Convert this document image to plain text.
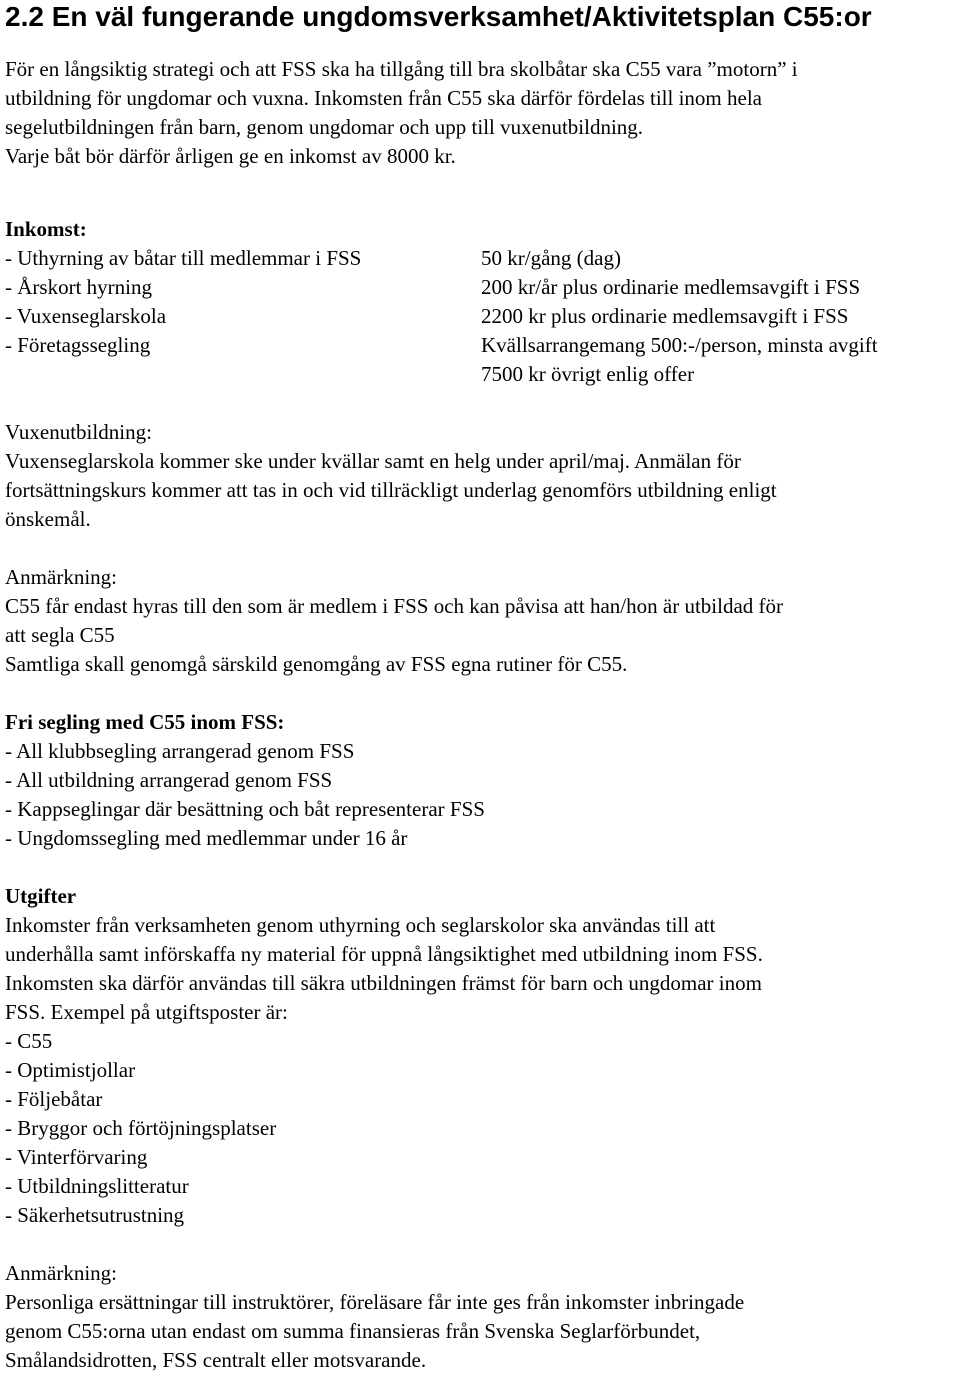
2.2 En väl fungerande ungdomsverksamhet/Aktivitetsplan C55:or
För en långsiktig strategi och att FSS ska ha tillgång till bra skolbåtar ska C55 vara ”motorn” i
utbildning för ungdomar och vuxna. Inkomsten från C55 ska därför fördelas till inom hela
segelutbildningen från barn, genom ungdomar och upp till vuxenutbildning.
Varje båt bör därför årligen ge en inkomst av 8000 kr.
Inkomst:
- Uthyrning av båtar till medlemmar i FSS	50 kr/gång (dag)
- Årskort hyrning	200 kr/år plus ordinarie medlemsavgift i FSS
- Vuxenseglarskola	2200 kr plus ordinarie medlemsavgift i FSS
- Företagssegling	Kvällsarrangemang 500:-/person, minsta avgift
7500 kr övrigt enlig offer
Vuxenutbildning:
Vuxenseglarskola kommer ske under kvällar samt en helg under april/maj. Anmälan för
fortsättningskurs kommer att tas in och vid tillräckligt underlag genomförs utbildning enligt
önskemål.
Anmärkning:
C55 får endast hyras till den som är medlem i FSS och kan påvisa att han/hon är utbildad för
att segla C55
Samtliga skall genomgå särskild genomgång av FSS egna rutiner för C55.
Fri segling med C55 inom FSS:
- All klubbsegling arrangerad genom FSS
- All utbildning arrangerad genom FSS
- Kappseglingar där besättning och båt representerar FSS
- Ungdomssegling med medlemmar under 16 år
Utgifter
Inkomster från verksamheten genom uthyrning och seglarskolor ska användas till att
underhålla samt införskaffa ny material för uppnå långsiktighet med utbildning inom FSS.
Inkomsten ska därför användas till säkra utbildningen främst för barn och ungdomar inom
FSS. Exempel på utgiftsposter är:
- C55
- Optimistjollar
- Följebåtar
- Bryggor och förtöjningsplatser
- Vinterförvaring
- Utbildningslitteratur
- Säkerhetsutrustning
Anmärkning:
Personliga ersättningar till instruktörer, föreläsare får inte ges från inkomster inbringade
genom C55:orna utan endast om summa finansieras från Svenska Seglarförbundet,
Smålandsidrotten, FSS centralt eller motsvarande.
